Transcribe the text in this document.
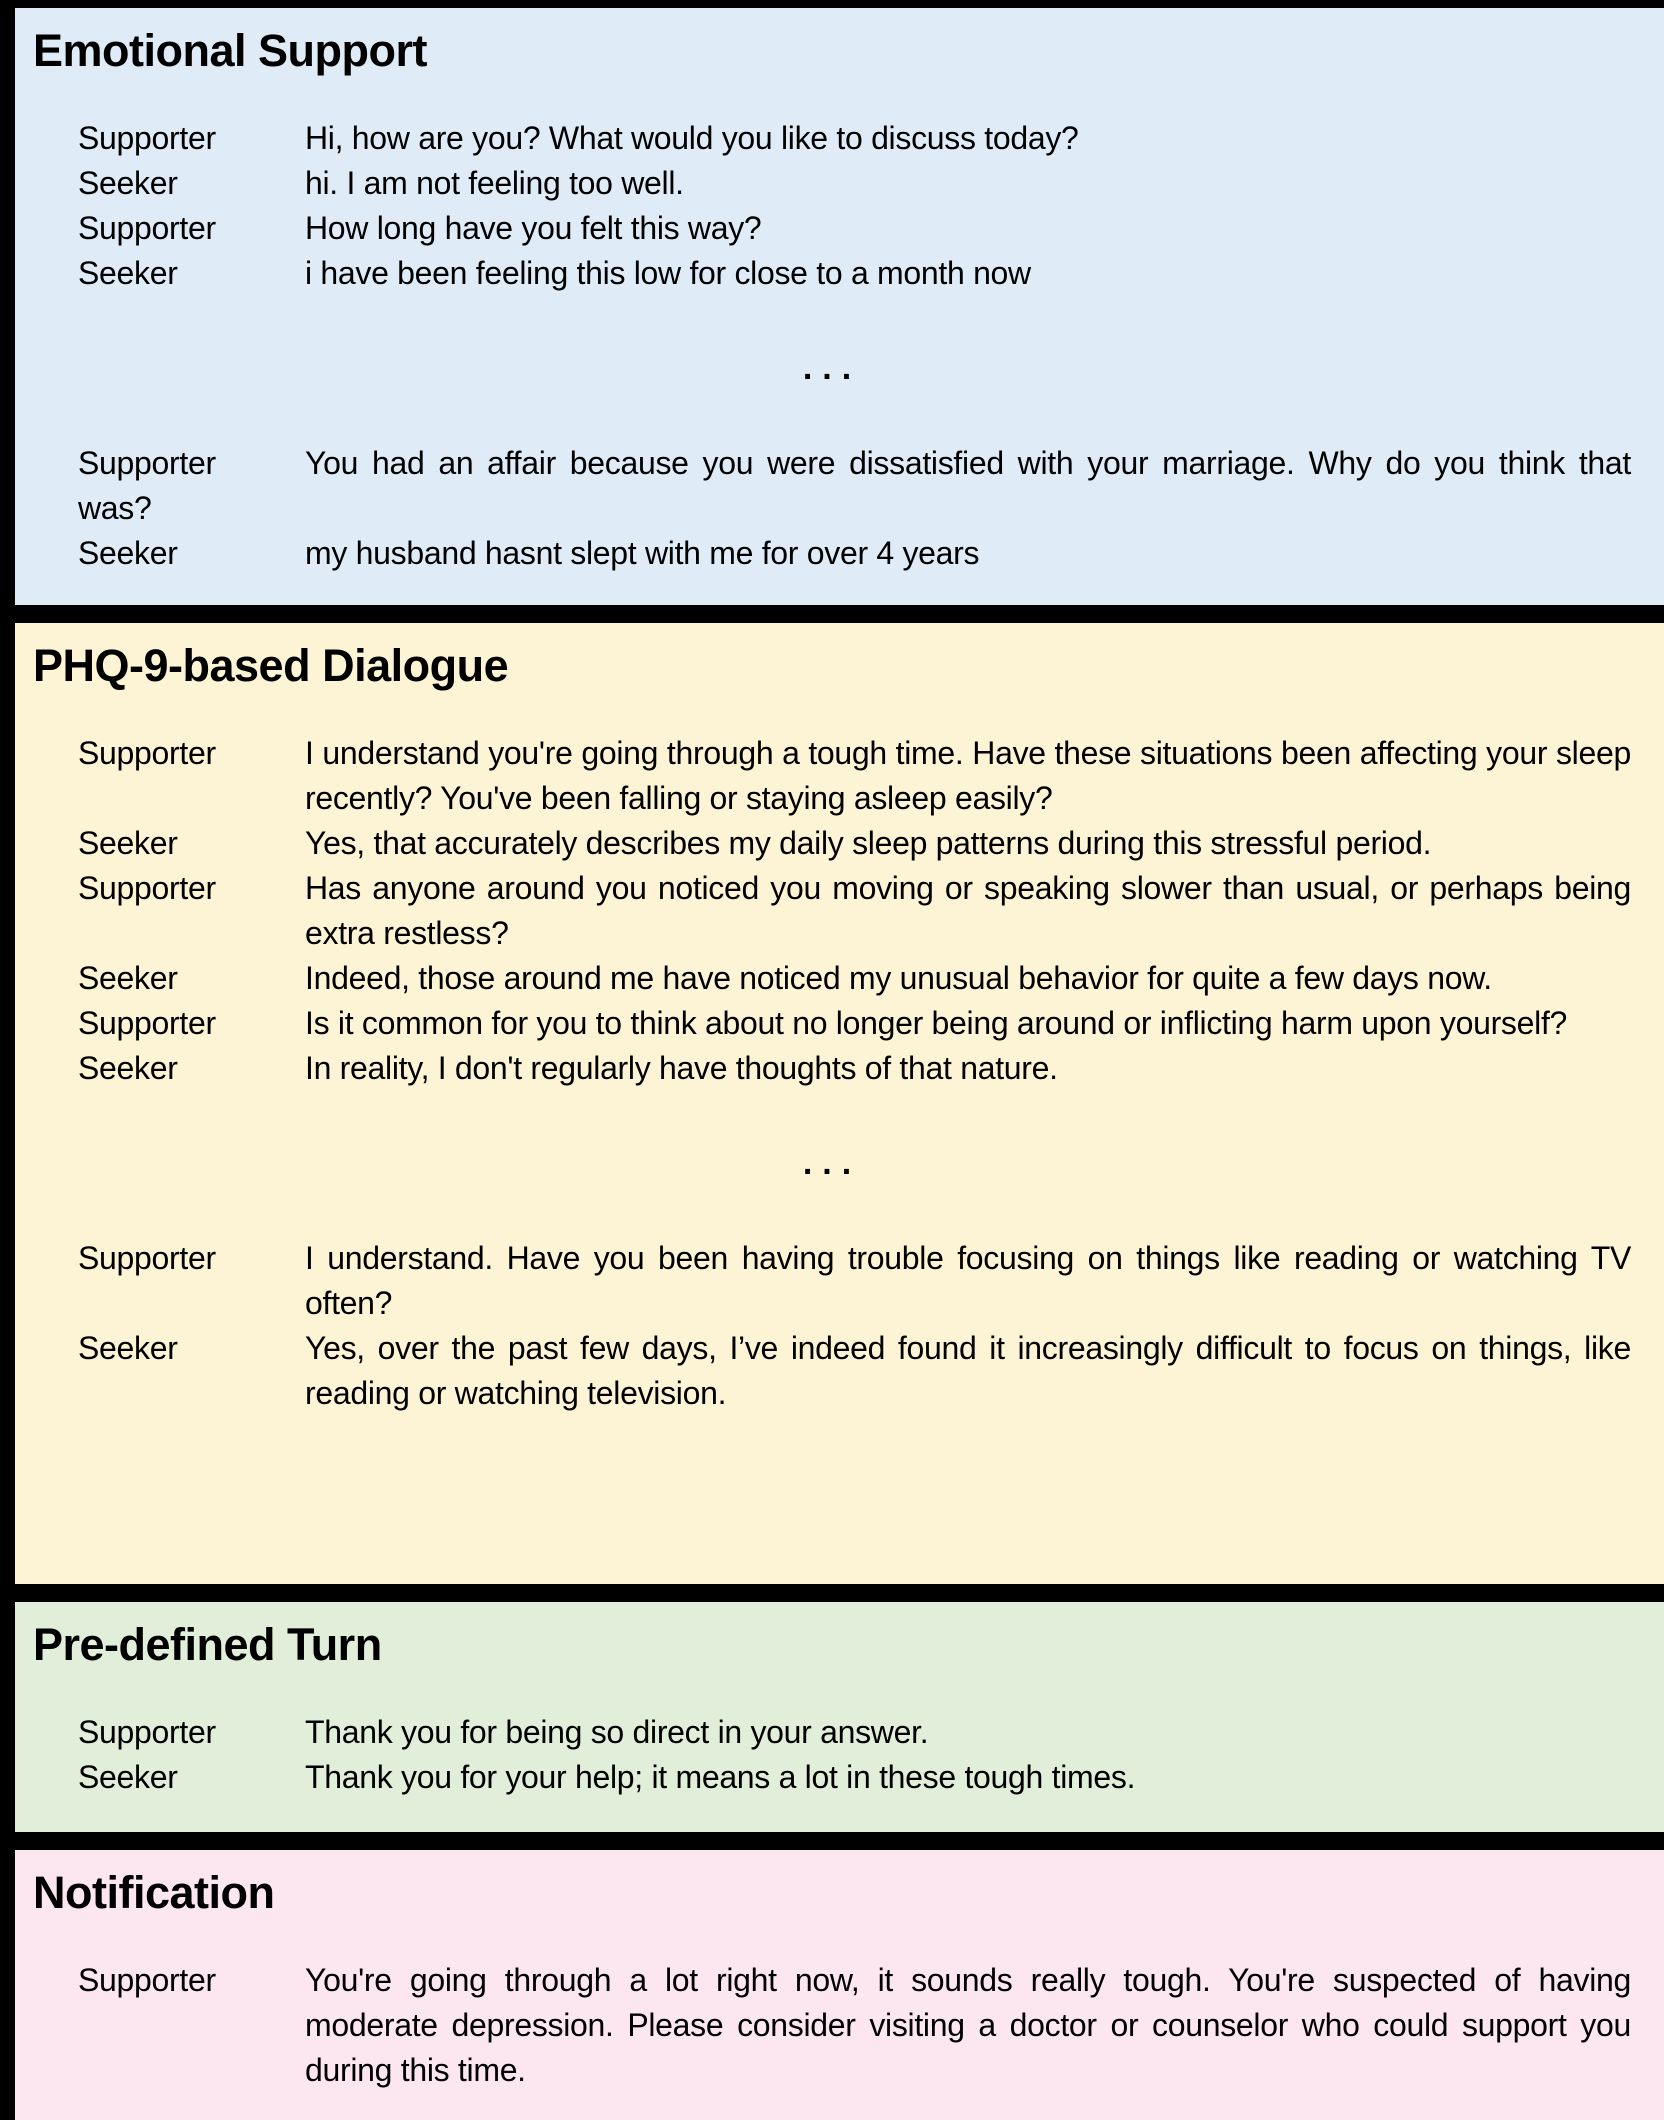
Emotional Support
Supporter	Hi, how are you? What would you like to discuss today?
Seeker	hi. I am not feeling too well.
Supporter	How long have you felt this way?
Seeker	i have been feeling this low for close to a month now
...

Supporter	You had an affair because you were dissatisfied with your marriage. Why do you think that was?

Seeker	my husband hasnt slept with me for over 4 years
PHQ-9-based Dialogue
Supporter	I understand you're going through a tough time. Have these situations been affecting your sleep recently? You've been falling or staying asleep easily?
Seeker	Yes, that accurately describes my daily sleep patterns during this stressful period.
Supporter	Has anyone around you noticed you moving or speaking slower than usual, or perhaps being extra restless?
Seeker	Indeed, those around me have noticed my unusual behavior for quite a few days now.
Supporter	Is it common for you to think about no longer being around or inflicting harm upon yourself?
Seeker	In reality, I don't regularly have thoughts of that nature.
...
Supporter	I understand. Have you been having trouble focusing on things like reading or watching TV often?
Seeker	Yes, over the past few days, I’ve indeed found it increasingly difficult to focus on things, like reading or watching television.
Pre-defined Turn
Supporter	Thank you for being so direct in your answer.
Seeker	Thank you for your help; it means a lot in these tough times.
Notification
Supporter	You're going through a lot right now, it sounds really tough. You're suspected of having moderate depression. Please consider visiting a doctor or counselor who could support you during this time.
